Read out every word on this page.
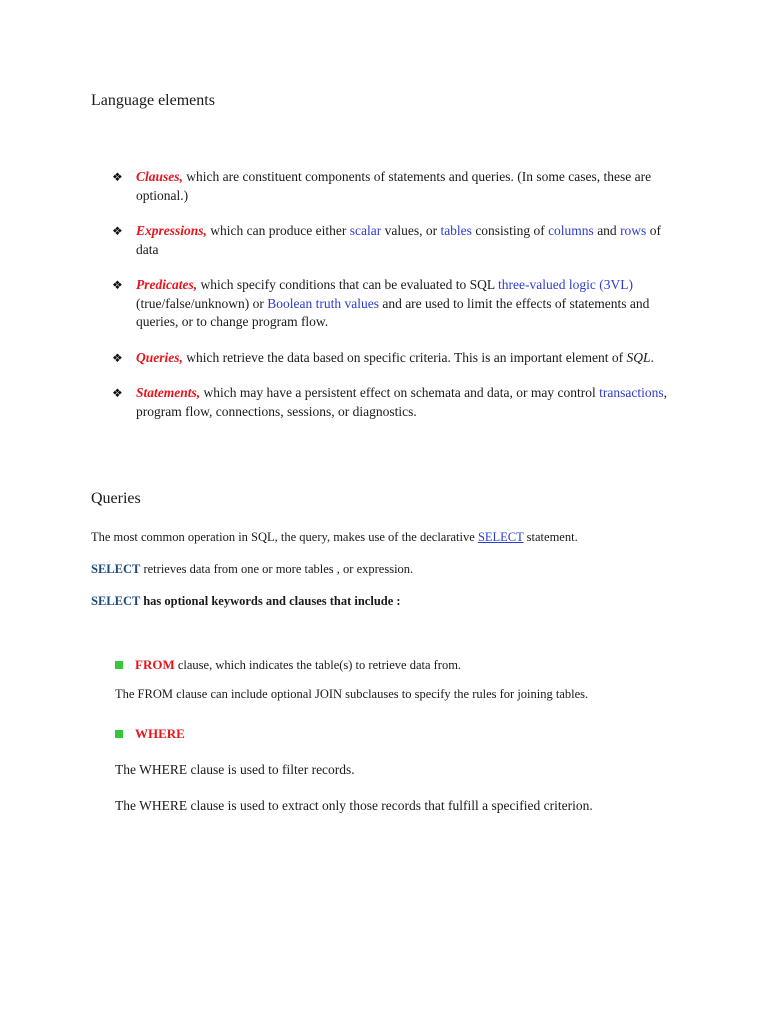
Language elements
❖ Clauses, which are constituent components of statements and queries. (In some cases, these are optional.)
❖ Expressions, which can produce either scalar values, or tables consisting of columns and rows of data
❖ Predicates, which specify conditions that can be evaluated to SQL three-valued logic (3VL) (true/false/unknown) or Boolean truth values and are used to limit the effects of statements and queries, or to change program flow.
❖ Queries, which retrieve the data based on specific criteria. This is an important element of SQL.
❖ Statements, which may have a persistent effect on schemata and data, or may control transactions, program flow, connections, sessions, or diagnostics.
Queries

The most common operation in SQL, the query, makes use of the declarative SELECT statement.

SELECT retrieves data from one or more tables , or expression.

SELECT has optional keywords and clauses that include :

FROM clause, which indicates the table(s) to retrieve data from.
The FROM clause can include optional JOIN subclauses to specify the rules for joining tables.
WHERE
The WHERE clause is used to filter records.
The WHERE clause is used to extract only those records that fulfill a specified criterion.
